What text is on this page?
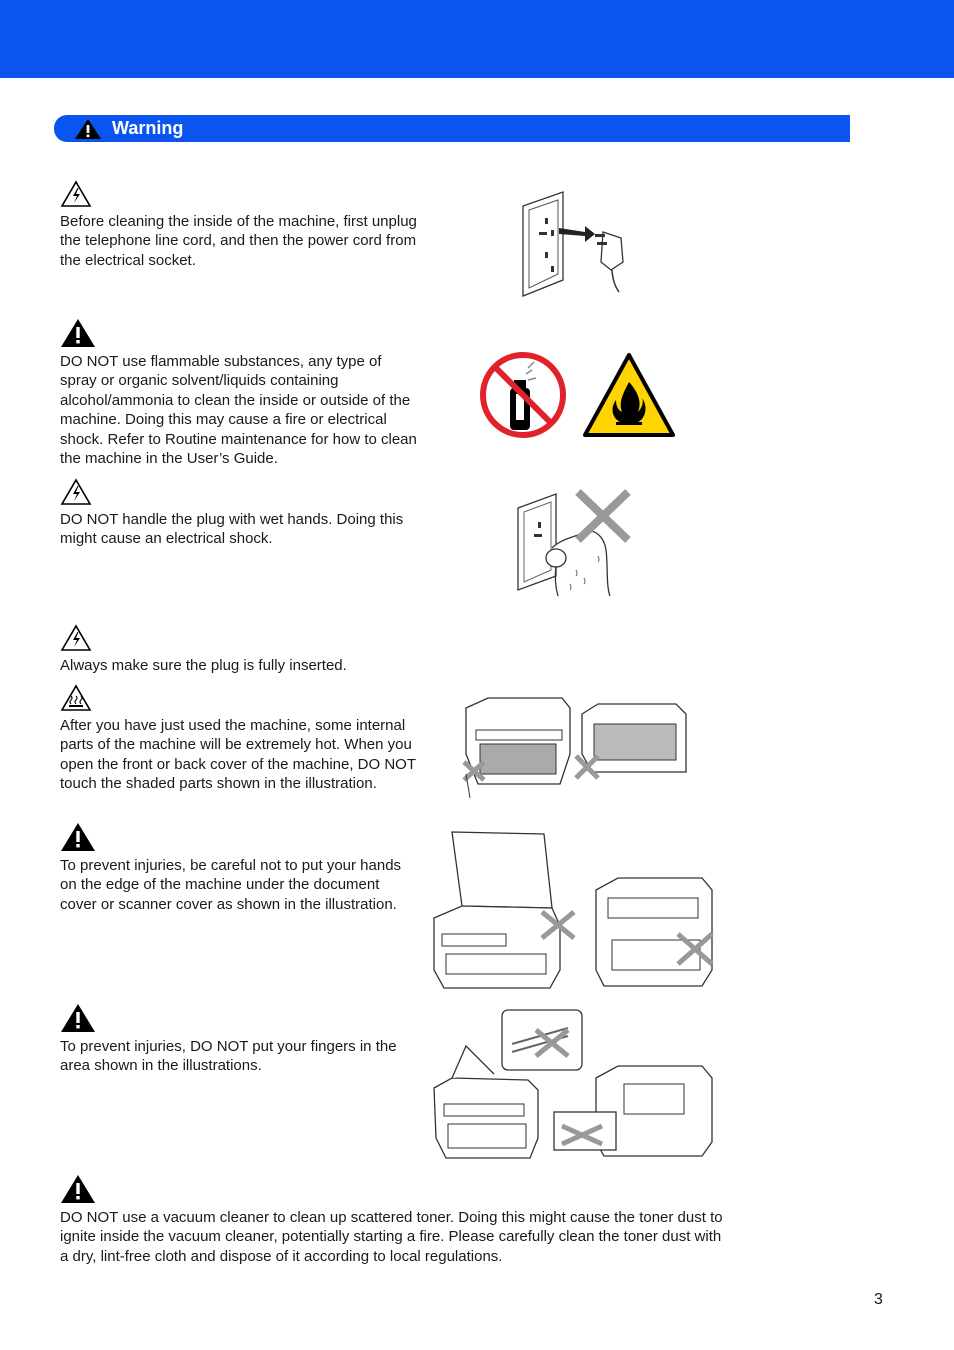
Warning

Before cleaning the inside of the machine, first unplug the telephone line cord, and then the power cord from the electrical socket.

DO NOT use flammable substances, any type of spray or organic solvent/liquids containing alcohol/ammonia to clean the inside or outside of the machine. Doing this may cause a fire or electrical shock. Refer to Routine maintenance for how to clean the machine in the User’s Guide.

DO NOT handle the plug with wet hands. Doing this might cause an electrical shock.

Always make sure the plug is fully inserted.

After you have just used the machine, some internal parts of the machine will be extremely hot. When you open the front or back cover of the machine, DO NOT touch the shaded parts shown in the illustration.

To prevent injuries, be careful not to put your hands on the edge of the machine under the document cover or scanner cover as shown in the illustration.

To prevent injuries, DO NOT put your fingers in the area shown in the illustrations.

DO NOT use a vacuum cleaner to clean up scattered toner. Doing this might cause the toner dust to ignite inside the vacuum cleaner, potentially starting a fire. Please carefully clean the toner dust with a dry, lint-free cloth and dispose of it according to local regulations.

3
